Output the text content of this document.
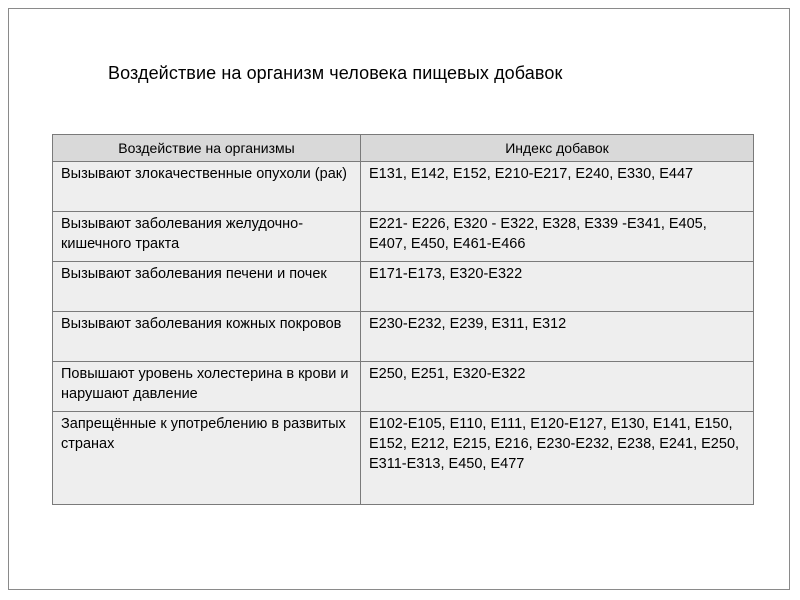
Воздействие на организм человека пищевых добавок
Воздействие на организмы	Индекс добавок
Вызывают злокачественные опухоли (рак)	Е131, Е142, Е152, Е210-Е217, Е240, Е330, Е447
Вызывают заболевания желудочно-кишечного тракта	Е221- Е226, Е320 - Е322, Е328, Е339 -Е341, Е405, Е407, Е450, Е461-Е466
Вызывают заболевания печени и почек	Е171-Е173, Е320-Е322
Вызывают заболевания кожных покровов	Е230-Е232, Е239, Е311, Е312
Повышают уровень холестерина в крови и нарушают давление	Е250, Е251, Е320-Е322
Запрещённые к употреблению в развитых странах	Е102-Е105, Е110, Е111, Е120-Е127, Е130, Е141, Е150, Е152, Е212, Е215, Е216, Е230-Е232, Е238, Е241, Е250, Е311-Е313, Е450, Е477
